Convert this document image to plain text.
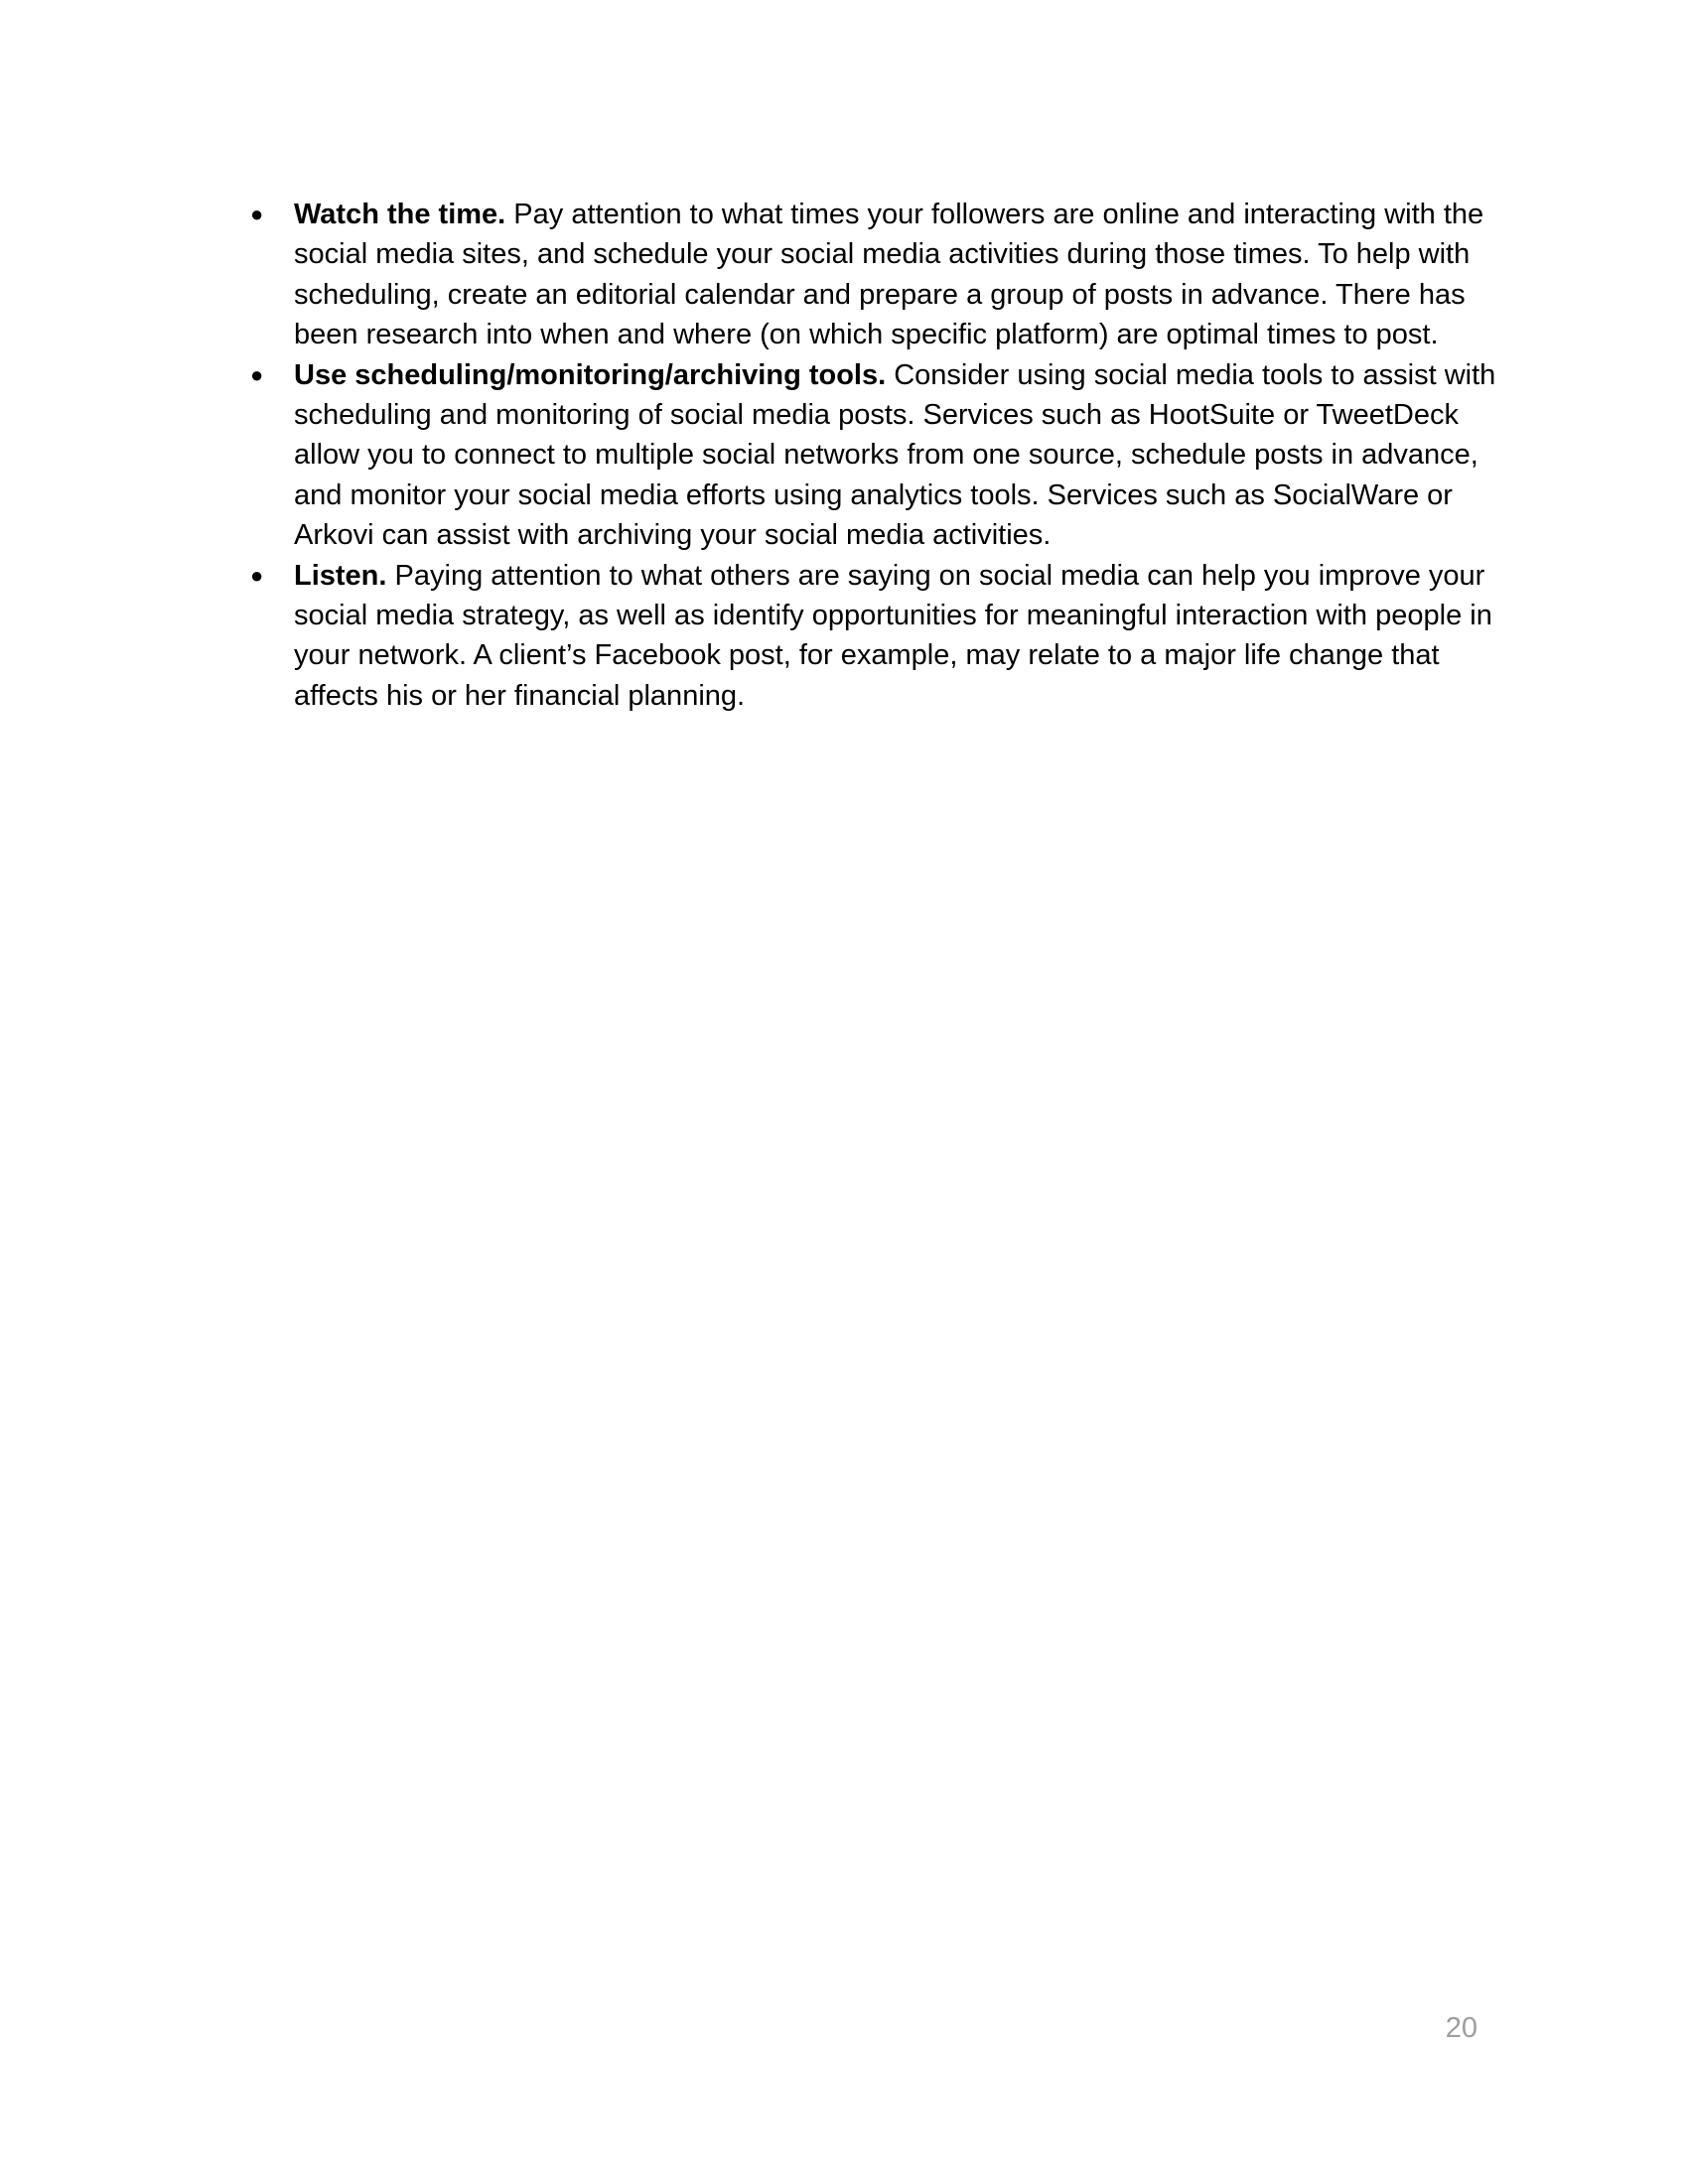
● Watch the time. Pay attention to what times your followers are online and interacting with the social media sites, and schedule your social media activities during those times. To help with scheduling, create an editorial calendar and prepare a group of posts in advance. There has been research into when and where (on which specific platform) are optimal times to post.
● Use scheduling/monitoring/archiving tools. Consider using social media tools to assist with scheduling and monitoring of social media posts. Services such as HootSuite or TweetDeck allow you to connect to multiple social networks from one source, schedule posts in advance, and monitor your social media efforts using analytics tools. Services such as SocialWare or Arkovi can assist with archiving your social media activities.
● Listen. Paying attention to what others are saying on social media can help you improve your social media strategy, as well as identify opportunities for meaningful interaction with people in your network. A client’s Facebook post, for example, may relate to a major life change that affects his or her financial planning.
20
